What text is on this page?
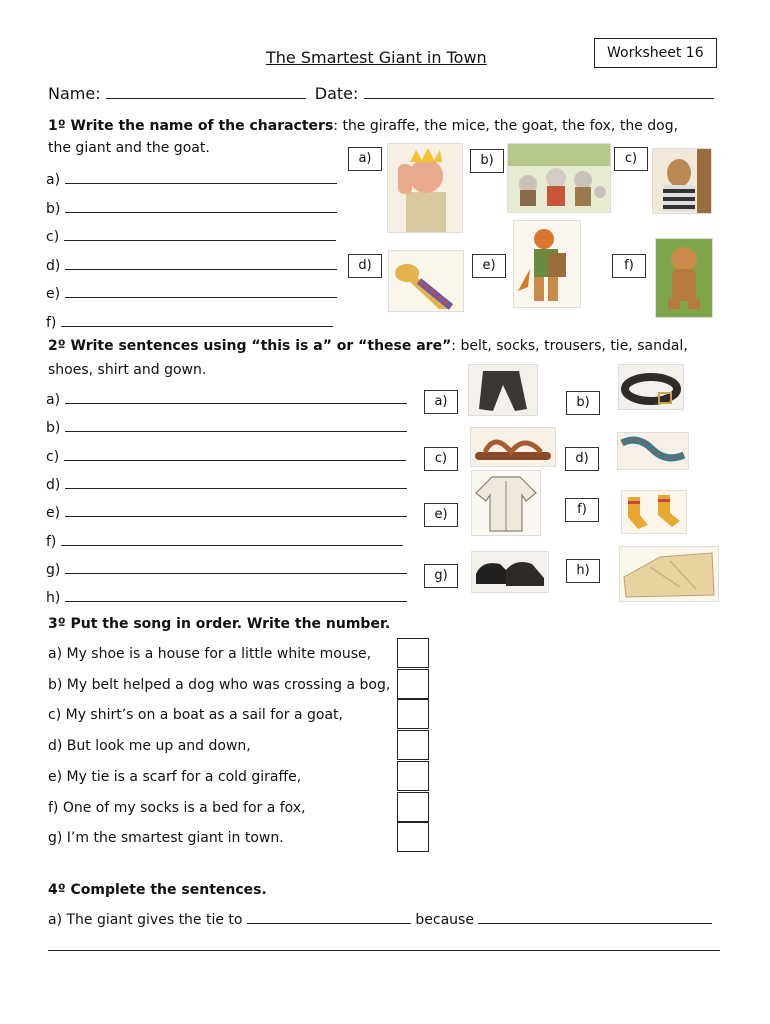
The Smartest Giant in Town	Worksheet 16
Name:	Date:
1º Write the name of the characters: the giraffe, the mice, the goat, the fox, the dog,
the giant and the goat.
a)
b)
c)
d)
e)
f)
a)	b)	c)
d)	e)	f)
2º Write sentences using “this is a” or “these are”: belt, socks, trousers, tie, sandal,
shoes, shirt and gown.
a)
b)
c)
d)
e)
f)
g)
h)
a)	b)
c)	d)
e)	f)
g)	h)
3º Put the song in order. Write the number.
a) My shoe is a house for a little white mouse,
b) My belt helped a dog who was crossing a bog,
c) My shirt’s on a boat as a sail for a goat,
d) But look me up and down,
e) My tie is a scarf for a cold giraffe,
f) One of my socks is a bed for a fox,
g) I’m the smartest giant in town.
4º Complete the sentences.
a) The giant gives the tie to	because
